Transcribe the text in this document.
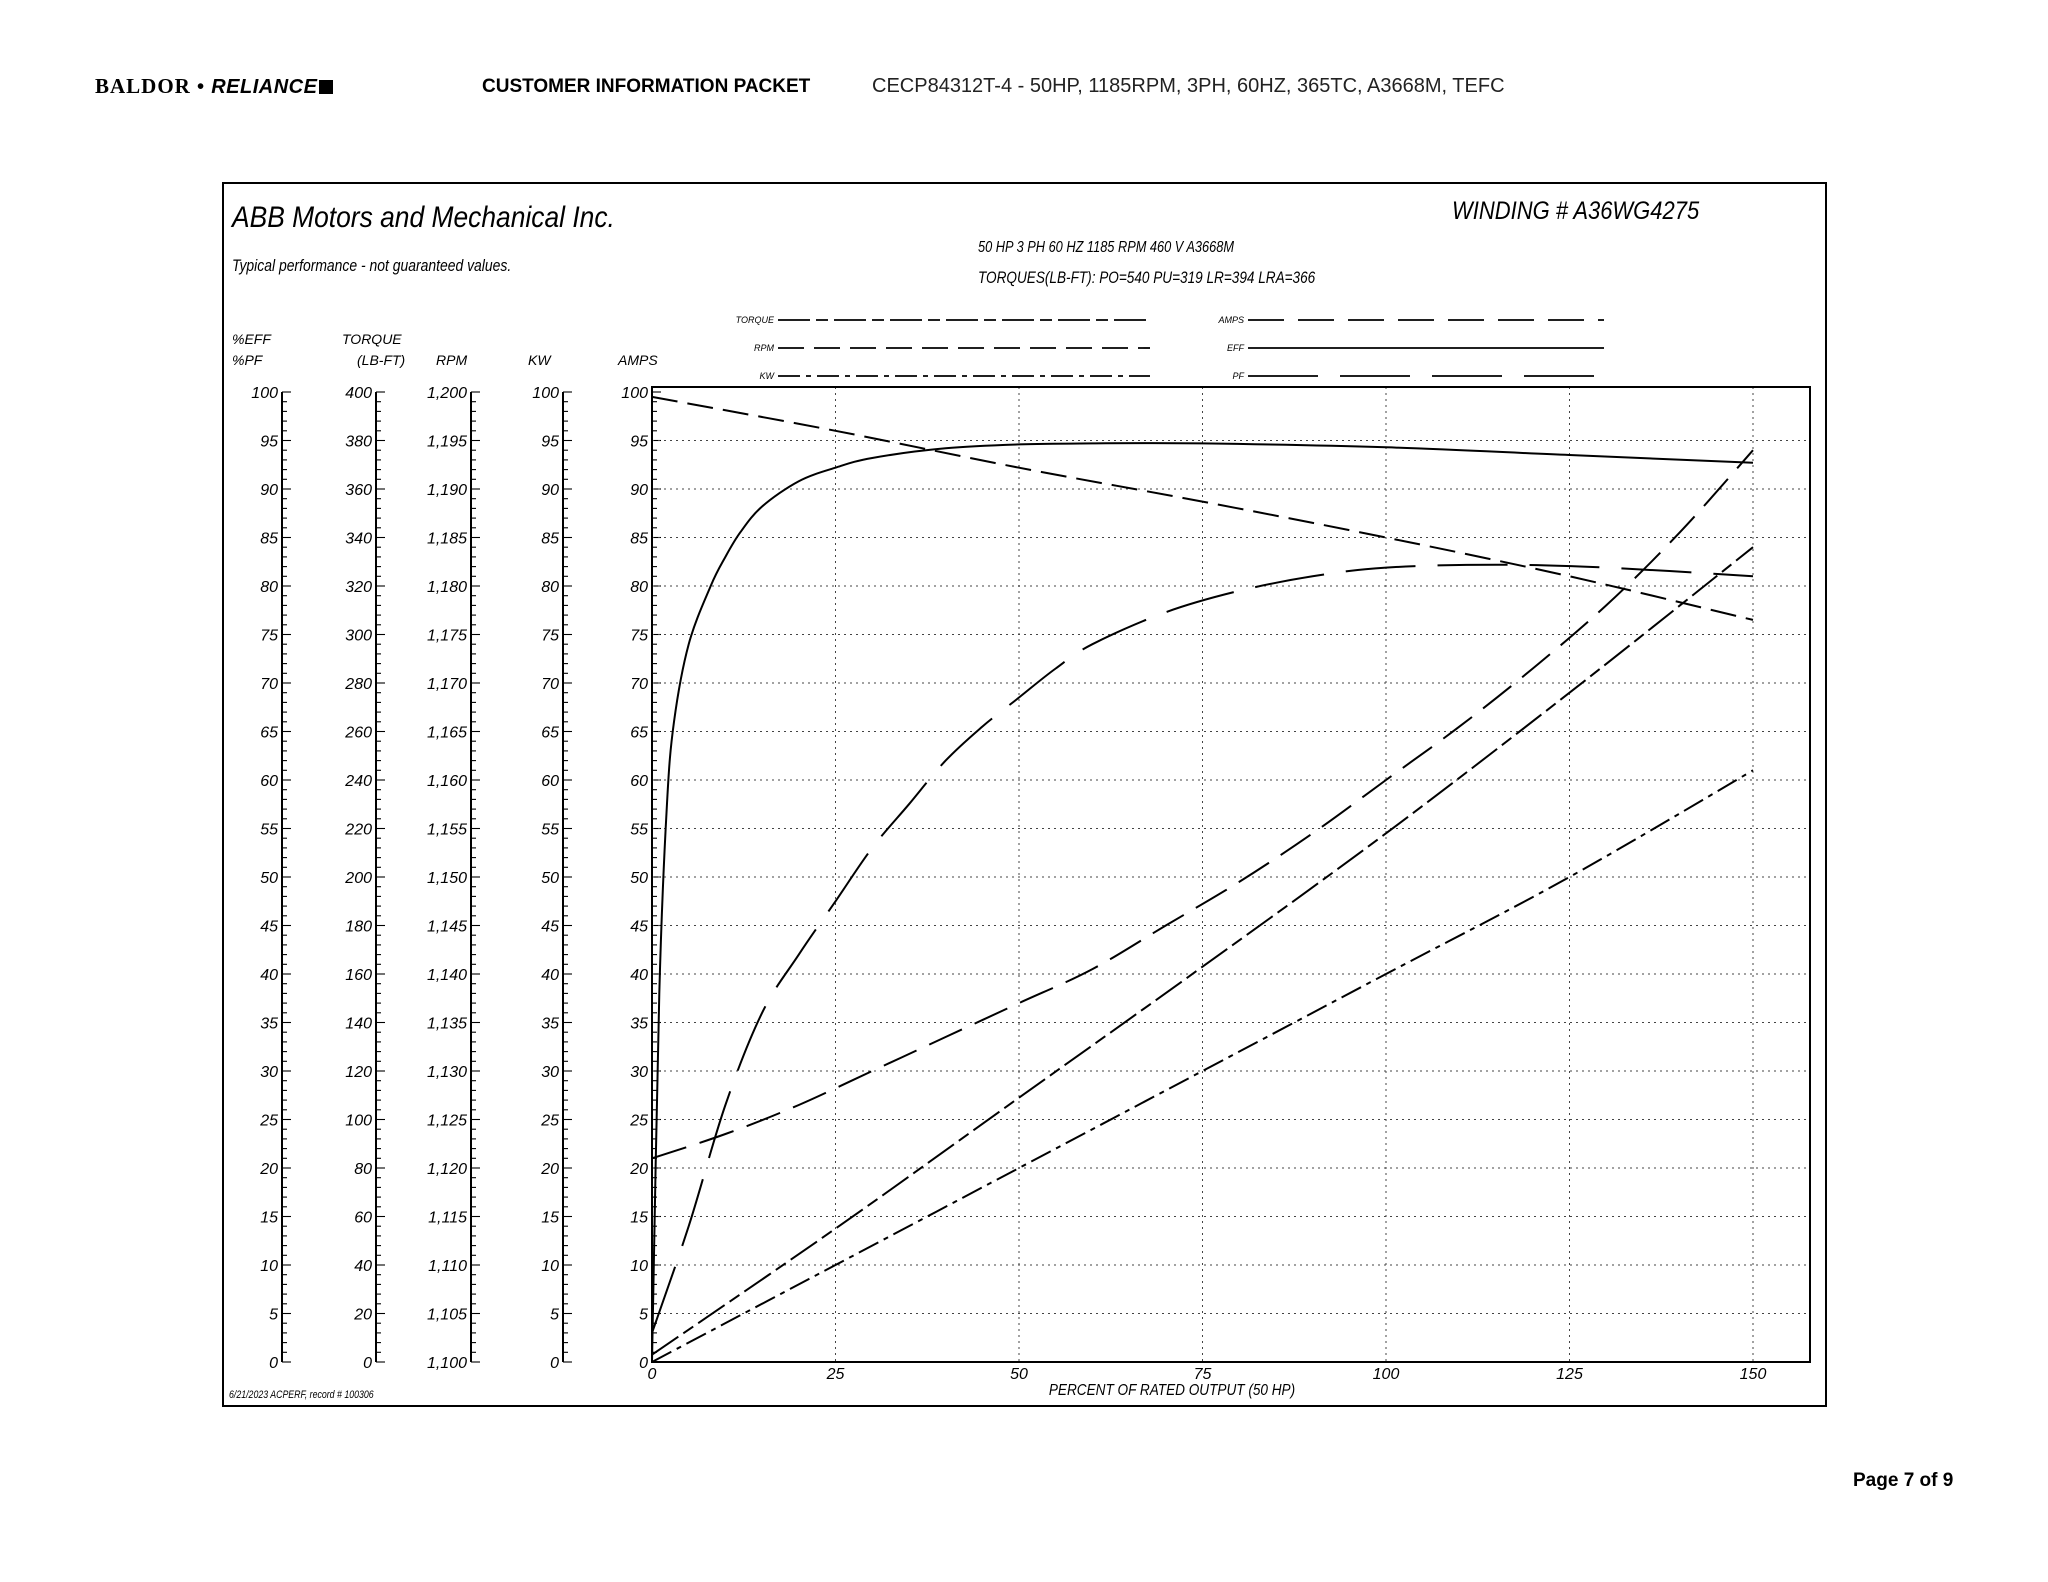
BALDOR • RELIANCE	CUSTOMER INFORMATION PACKET	CECP84312T-4 - 50HP, 1185RPM, 3PH, 60HZ, 365TC, A3668M, TEFC
ABB Motors and Mechanical Inc.
Typical performance - not guaranteed values.
WINDING # A36WG4275
50 HP 3 PH 60 HZ 1185 RPM 460 V A3668M
TORQUES(LB-FT): PO=540 PU=319 LR=394 LRA=366
6/21/2023 ACPERF, record # 100306
TORQUE
RPM
KW
AMPS
EFF
PF
%EFF
%PF
0
5
10
15
20
25
30
35
40
45
50
55
60
65
70
75
80
85
90
95
100
TORQUE
(LB-FT)
0
20
40
60
80
100
120
140
160
180
200
220
240
260
280
300
320
340
360
380
400
RPM
1,100
1,105
1,110
1,115
1,120
1,125
1,130
1,135
1,140
1,145
1,150
1,155
1,160
1,165
1,170
1,175
1,180
1,185
1,190
1,195
1,200
KW
0
5
10
15
20
25
30
35
40
45
50
55
60
65
70
75
80
85
90
95
100
AMPS
0
5
10
15
20
25
30
35
40
45
50
55
60
65
70
75
80
85
90
95
100
0	25	50	75	100	125	150
PERCENT OF RATED OUTPUT (50 HP)
Page 7 of 9
